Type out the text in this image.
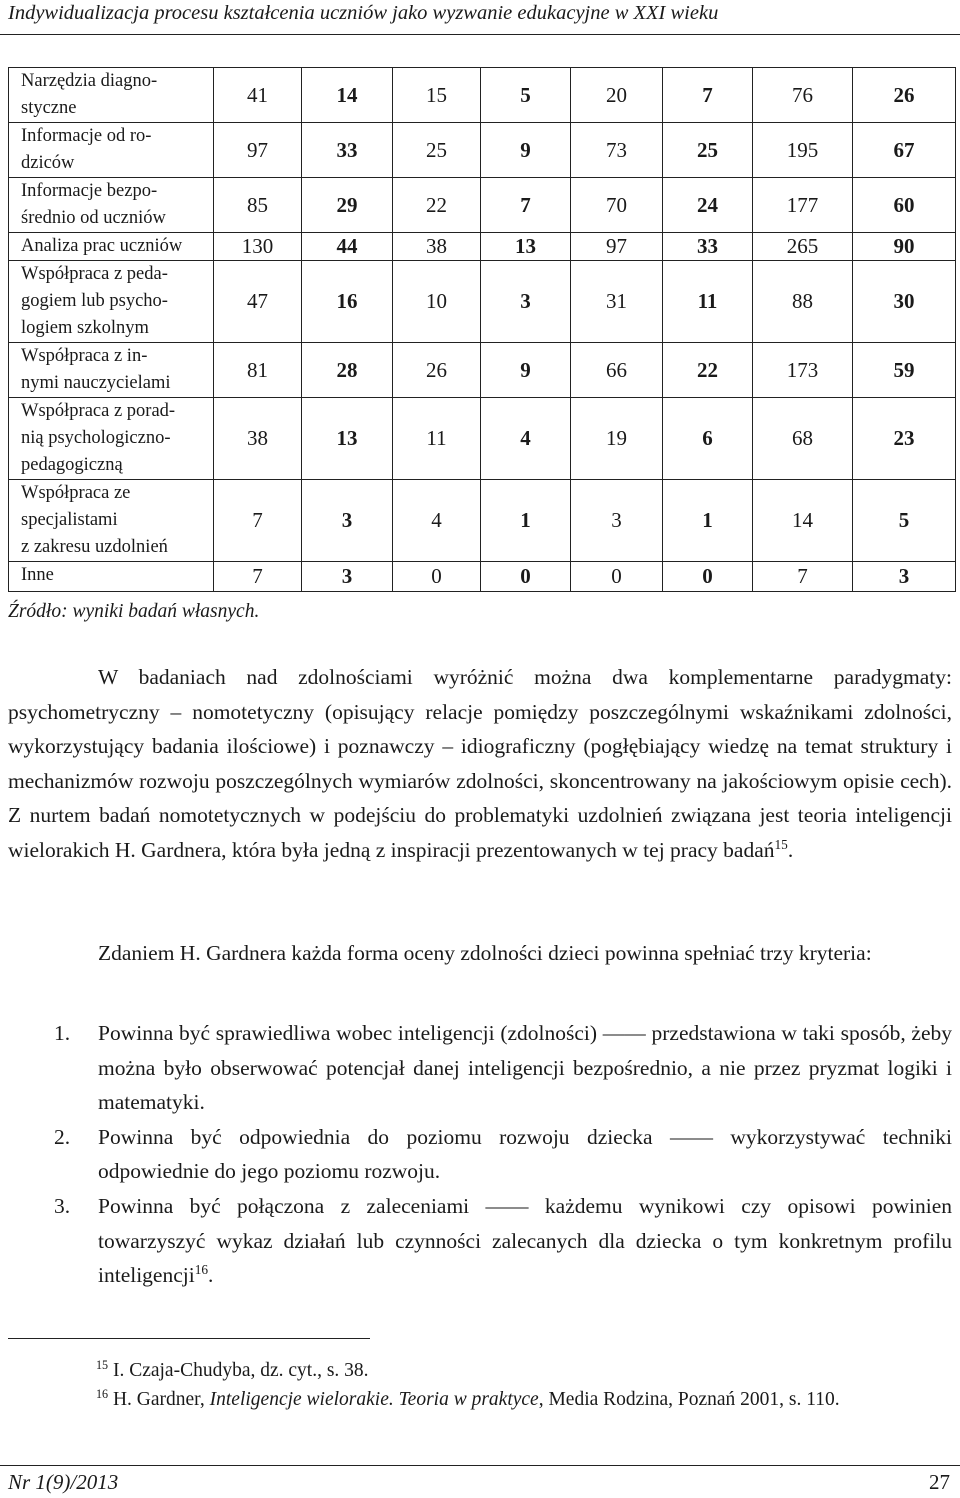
Indywidualizacja procesu kształcenia uczniów jako wyzwanie edukacyjne w XXI wieku
Narzędzia diagno-
styczne	41	14	15	5	20	7	76	26

Informacje od ro-
dziców	97	33	25	9	73	25	195	67

Informacje bezpo-
średnio od uczniów	85	29	22	7	70	24	177	60

Analiza prac uczniów	130	44	38	13	97	33	265	90

Współpraca z peda-
gogiem lub psycho-
logiem szkolnym	47	16	10	3	31	11	88	30

Współpraca z in-
nymi nauczycielami	81	28	26	9	66	22	173	59

Współpraca z porad-
nią psychologiczno-
pedagogiczną	38	13	11	4	19	6	68	23

Współpraca ze
specjalistami
z zakresu uzdolnień	7	3	4	1	3	1	14	5

Inne	7	3	0	0	0	0	7	3
Źródło: wyniki badań własnych.
W badaniach nad zdolnościami wyróżnić można dwa komplementarne paradygmaty: psychometryczny – nomotetyczny (opisujący relacje pomiędzy poszczególnymi wskaźnikami zdolności, wykorzystujący badania ilościowe) i poznawczy – idiograficzny (pogłębiający wiedzę na temat struktury i mechanizmów rozwoju poszczególnych wymiarów zdolności, skoncentrowany na jakościowym opisie cech). Z nurtem badań nomotetycznych w podejściu do problematyki uzdolnień związana jest teoria inteligencji wielorakich H. Gardnera, która była jedną z inspiracji prezentowanych w tej pracy badań$^{15}$.
Zdaniem H. Gardnera każda forma oceny zdolności dzieci powinna spełniać trzy kryteria:
1. Powinna być sprawiedliwa wobec inteligencji (zdolności) —— przedstawiona w taki sposób, żeby można było obserwować potencjał danej inteligencji bezpośrednio, a nie przez pryzmat logiki i matematyki.
2. Powinna być odpowiednia do poziomu rozwoju dziecka —— wykorzystywać techniki odpowiednie do jego poziomu rozwoju.
3. Powinna być połączona z zaleceniami —— każdemu wynikowi czy opisowi powinien towarzyszyć wykaz działań lub czynności zalecanych dla dziecka o tym konkretnym profilu inteligencji$^{16}$.
$^{15}$ I. Czaja-Chudyba, dz. cyt., s. 38.
$^{16}$ H. Gardner, Inteligencje wielorakie. Teoria w praktyce, Media Rodzina, Poznań 2001, s. 110.
Nr 1(9)/2013	27
